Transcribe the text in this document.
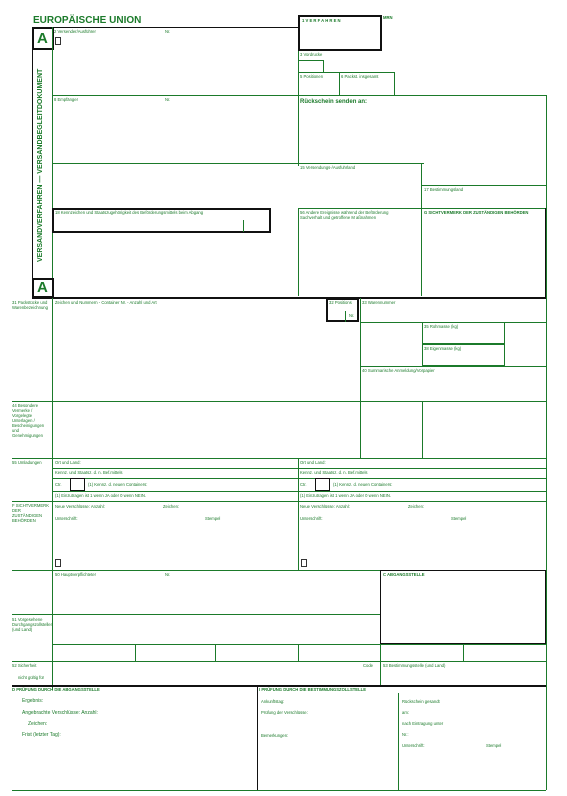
EUROPÄISCHE UNION
A
1 V E R F A H R E N
MRN
VERSANDVERFAHREN — VERSANDBEGLEITDOKUMENT
2 Versender/Ausführer	Nr.
3 Vordrucke
5 Positionen	6 Packst. insgesamt
8 Empfänger	Nr.	Rückschein senden an:
15 Versendungs-/Ausfuhrland
17 Bestimmungsland
18 Kennzeichen und Staatszugehörigkeit des Beförderungsmittels beim Abgang	56 Andere Ereignisse während der Beförderung
Sachverhalt und getroffene M aßnahmen
G SICHTVERMERK DER ZUSTÄNDIGEN BEHÖRDEN
A
31 Packstücke und Warenbezeichnung
Zeichen und Nummern - Container Nr. - Anzahl und Art	32 Positions
Nr.
33 Warennummer
35 Rohmasse (kg)
38 Eigenmasse (kg)
40 Summarische Anmeldung/Vorpapier
44 Besondere Vermerke / Vorgelegte Unterlagen / Bescheinigungen und Genehmigungen
55 Umladungen	Ort und Land:	Ort und Land:
Kennz. und Staatsz. d. n. Bef.mittels	Kennz. und Staatsz. d. n. Bef.mittels
Ctr.	(1) Kennz. d. neuen Containers:	Ctr.	(1) Kennz. d. neuen Containers:
(1) Einzutragen ist 1 wenn JA oder 0 wenn NEIN.	(1) Einzutragen ist 1 wenn JA oder 0 wenn NEIN.
F SICHTVERMERK DER ZUSTÄNDIGEN BEHÖRDEN
Neue Verschlüsse: Anzahl:	Zeichen:
Unterschrift:	Stempel
Neue Verschlüsse: Anzahl:	Zeichen:
Unterschrift:	Stempel
50 Hauptverpflichteter	Nr.	C ABGANGSSTELLE
51 Vorgesehene Durchgangszollstellen (und Land)
52 Sicherheit
nicht gültig für
Code 53 Bestimmungsstelle (und Land)
D PRÜFUNG DURCH DIE ABGANGSSTELLE
Ergebnis:
Angebrachte Verschlüsse: Anzahl:
Zeichen:
Frist (letzter Tag):
I PRÜFUNG DURCH DIE BESTIMMUNGSZOLLSTELLE
Ankunftstag:
Prüfung der Verschlüsse:
Bemerkungen:
Rückschein gesandt
am:
nach Eintragung unter
Nr.:
Unterschrift:	Stempel
